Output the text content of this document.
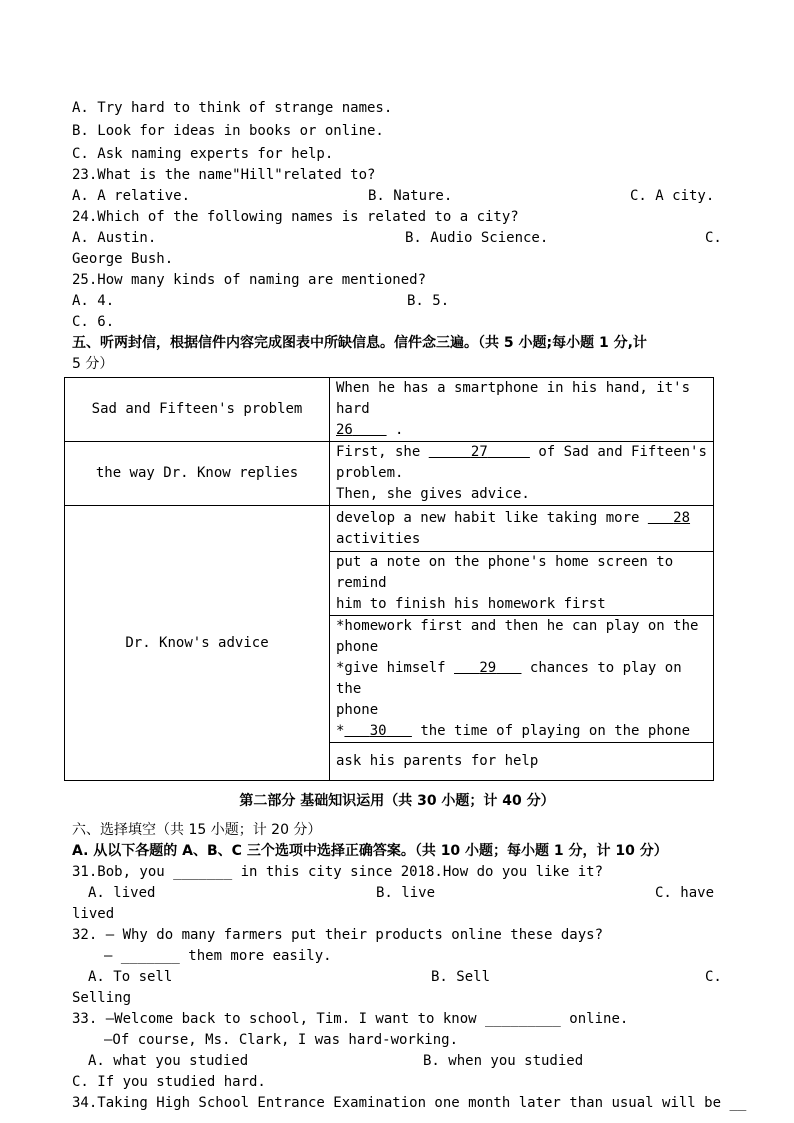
A. Try hard to think of strange names.
B. Look for ideas in books or online.
C. Ask naming experts for help.
23.What is the name"Hill"related to?
A. A relative.	B. Nature.	C. A city.
24.Which of the following names is related to a city?
A. Austin.	B. Audio Science.	C.
George Bush.
25.How many kinds of naming are mentioned?
A. 4.	B. 5.
C. 6.
五、听两封信，根据信件内容完成图表中所缺信息。信件念三遍。（共 5 小题;每小题 1 分,计
5 分）
Sad and Fifteen's problem	When he has a smartphone in his hand, it's hard
26 .

the way Dr. Know replies	First, she 27 of Sad and Fifteen's
problem.
Then, she gives advice.

Dr. Know's advice	develop a new habit like taking more 28
activities

	put a note on the phone's home screen to remind
him to finish his homework first

	*homework first and then he can play on the phone
*give himself 29 chances to play on the
phone
* 30 the time of playing on the phone

	ask his parents for help
第二部分 基础知识运用（共 30 小题；计 40 分）
六、选择填空（共 15 小题；计 20 分）
A. 从以下各题的 A、B、C 三个选项中选择正确答案。（共 10 小题；每小题 1 分，计 10 分）
31.Bob, you _______ in this city since 2018.How do you like it?
A. lived	B. live	C. have
lived
32. — Why do many farmers put their products online these days?
— _______ them more easily.
A. To sell	B. Sell	C.
Selling
33. —Welcome back to school, Tim. I want to know _________ online.
—Of course, Ms. Clark, I was hard-working.
A. what you studied	B. when you studied
C. If you studied hard.
34.Taking High School Entrance Examination one month later than usual will be __
